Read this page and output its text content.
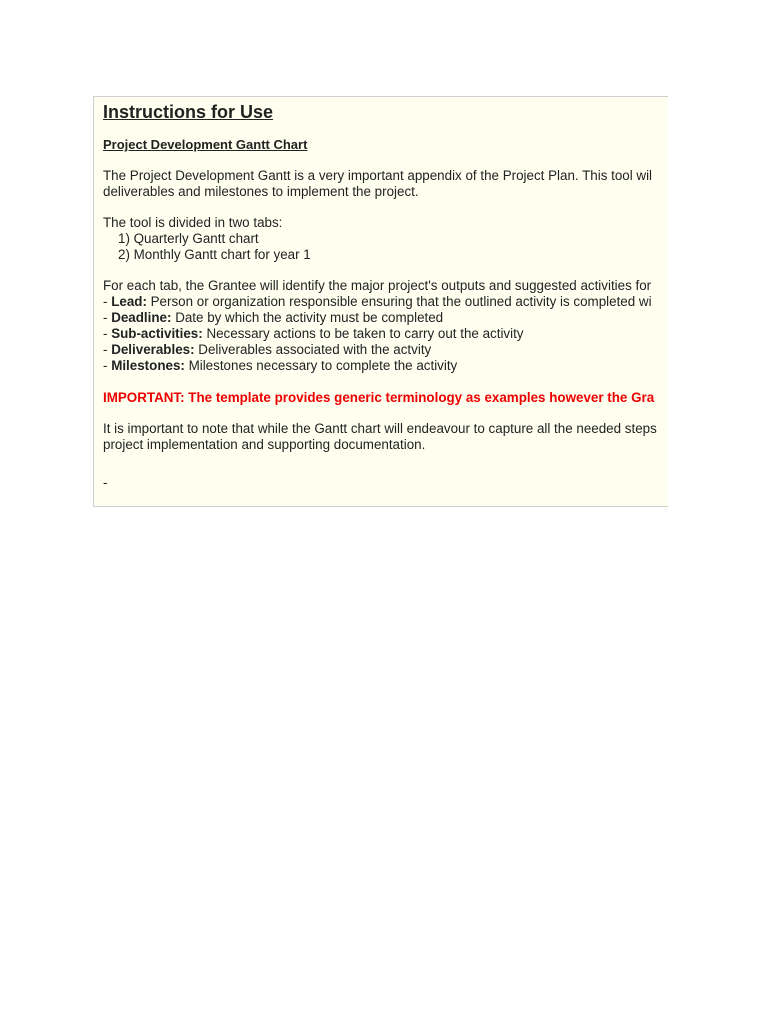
Instructions for Use
Project Development Gantt Chart
The Project Development Gantt is a very important appendix of the Project Plan. This tool wil
deliverables and milestones to implement the project.
The tool is divided in two tabs:
1) Quarterly Gantt chart
2) Monthly Gantt chart for year 1
For each tab, the Grantee will identify the major project's outputs and suggested activities for
- Lead: Person or organization responsible ensuring that the outlined activity is completed wi
- Deadline: Date by which the activity must be completed
- Sub-activities: Necessary actions to be taken to carry out the activity
- Deliverables: Deliverables associated with the actvity
- Milestones: Milestones necessary to complete the activity
IMPORTANT: The template provides generic terminology as examples however the Gra
It is important to note that while the Gantt chart will endeavour to capture all the needed steps
project implementation and supporting documentation.
-
